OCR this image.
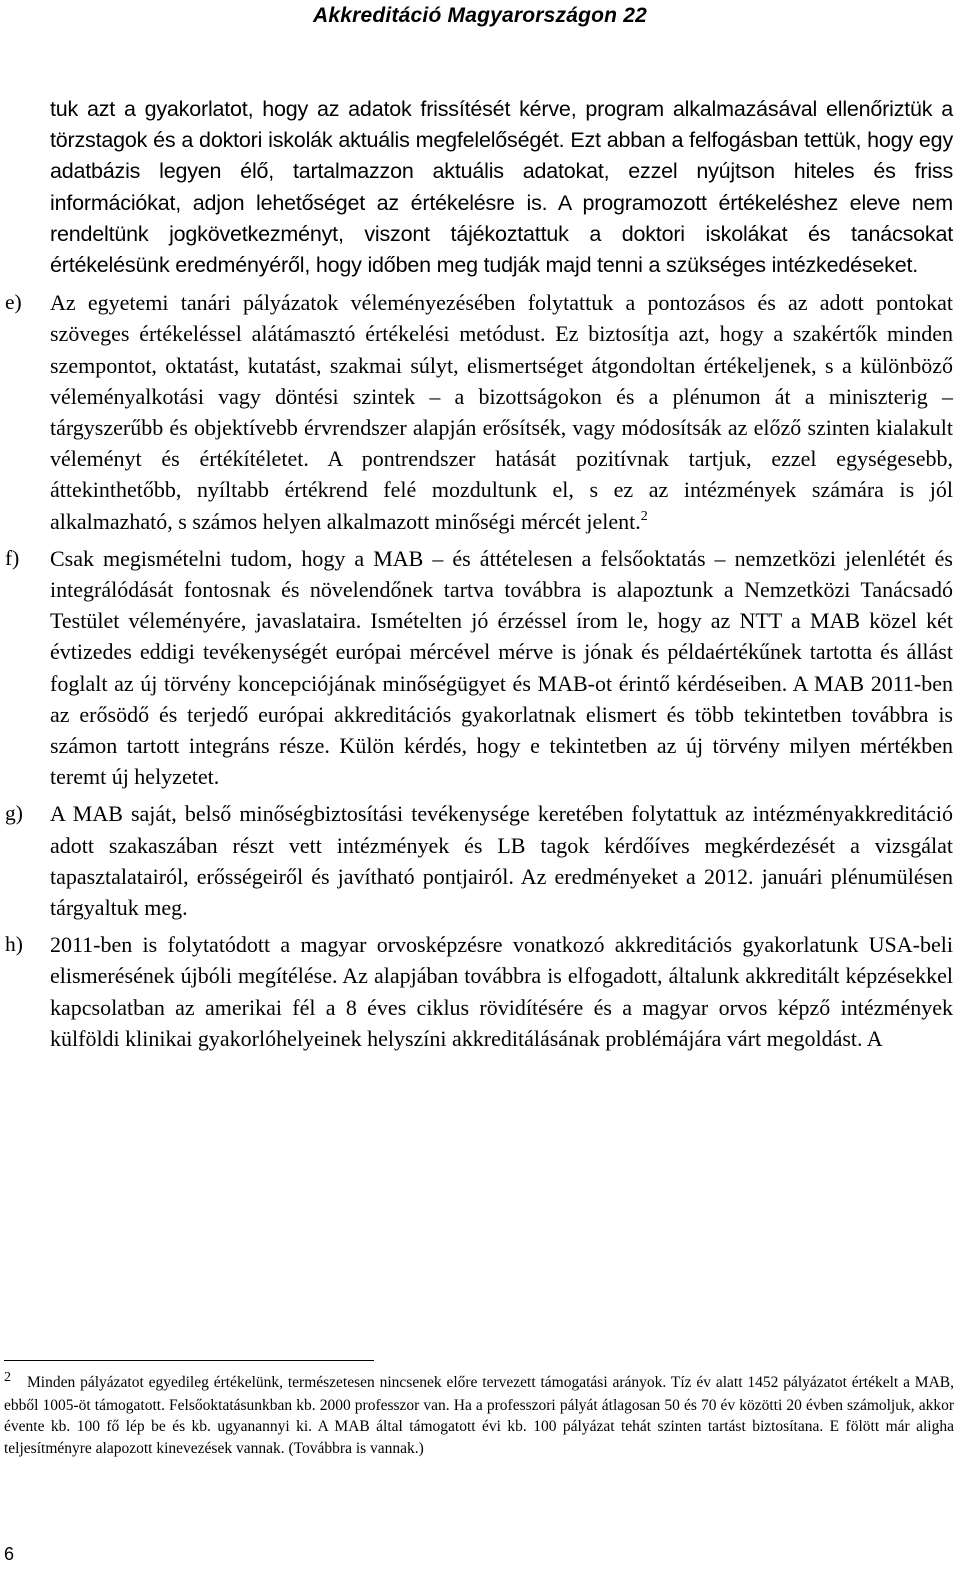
Akkreditáció Magyarországon 22

tuk azt a gyakorlatot, hogy az adatok frissítését kérve, program alkalmazásával ellenőriztük a törzstagok és a doktori iskolák aktuális megfelelőségét. Ezt abban a felfogásban tettük, hogy egy adatbázis legyen élő, tartalmazzon aktuális adatokat, ezzel nyújtson hiteles és friss információkat, adjon lehetőséget az értékelésre is. A programozott értékeléshez eleve nem rendeltünk jogkövetkezményt, viszont tájékoztattuk a doktori iskolákat és tanácsokat értékelésünk eredményéről, hogy időben meg tudják majd tenni a szükséges intézkedéseket.

e) Az egyetemi tanári pályázatok véleményezésében folytattuk a pontozásos és az adott pontokat szöveges értékeléssel alátámasztó értékelési metódust. Ez biztosítja azt, hogy a szakértők minden szempontot, oktatást, kutatást, szakmai súlyt, elismertséget átgondoltan értékeljenek, s a különböző véleményalkotási vagy döntési szintek – a bizottságokon és a plénumon át a miniszterig – tárgyszerűbb és objektívebb érvrendszer alapján erősítsék, vagy módosítsák az előző szinten kialakult véleményt és értékítéletet. A pontrendszer hatását pozitívnak tartjuk, ezzel egységesebb, áttekinthetőbb, nyíltabb értékrend felé mozdultunk el, s ez az intézmények számára is jól alkalmazható, s számos helyen alkalmazott minőségi mércét jelent.$^2$

f) Csak megismételni tudom, hogy a MAB – és áttételesen a felsőoktatás – nemzetközi jelenlétét és integrálódását fontosnak és növelendőnek tartva továbbra is alapoztunk a Nemzetközi Tanácsadó Testület véleményére, javaslataira. Ismételten jó érzéssel írom le, hogy az NTT a MAB közel két évtizedes eddigi tevékenységét európai mércével mérve is jónak és példaértékűnek tartotta és állást foglalt az új törvény koncepciójának minőségügyet és MAB-ot érintő kérdéseiben. A MAB 2011-ben az erősödő és terjedő európai akkreditációs gyakorlatnak elismert és több tekintetben továbbra is számon tartott integráns része. Külön kérdés, hogy e tekintetben az új törvény milyen mértékben teremt új helyzetet.

g) A MAB saját, belső minőségbiztosítási tevékenysége keretében folytattuk az intézményakkreditáció adott szakaszában részt vett intézmények és LB tagok kérdőíves megkérdezését a vizsgálat tapasztalatairól, erősségeiről és javítható pontjairól. Az eredményeket a 2012. januári plénumülésen tárgyaltuk meg.

h) 2011-ben is folytatódott a magyar orvosképzésre vonatkozó akkreditációs gyakorlatunk USA-beli elismerésének újbóli megítélése. Az alapjában továbbra is elfogadott, általunk akkreditált képzésekkel kapcsolatban az amerikai fél a 8 éves ciklus rövidítésére és a magyar orvos képző intézmények külföldi klinikai gyakorlóhelyeinek helyszíni akkreditálásának problémájára várt megoldást. A

2 Minden pályázatot egyedileg értékelünk, természetesen nincsenek előre tervezett támogatási arányok. Tíz év alatt 1452 pályázatot értékelt a MAB, ebből 1005-öt támogatott. Felsőoktatásunkban kb. 2000 professzor van. Ha a professzori pályát átlagosan 50 és 70 év közötti 20 évben számoljuk, akkor évente kb. 100 fő lép be és kb. ugyanannyi ki. A MAB által támogatott évi kb. 100 pályázat tehát szinten tartást biztosítana. E fölött már aligha teljesítményre alapozott kinevezések vannak. (Továbbra is vannak.)
6
